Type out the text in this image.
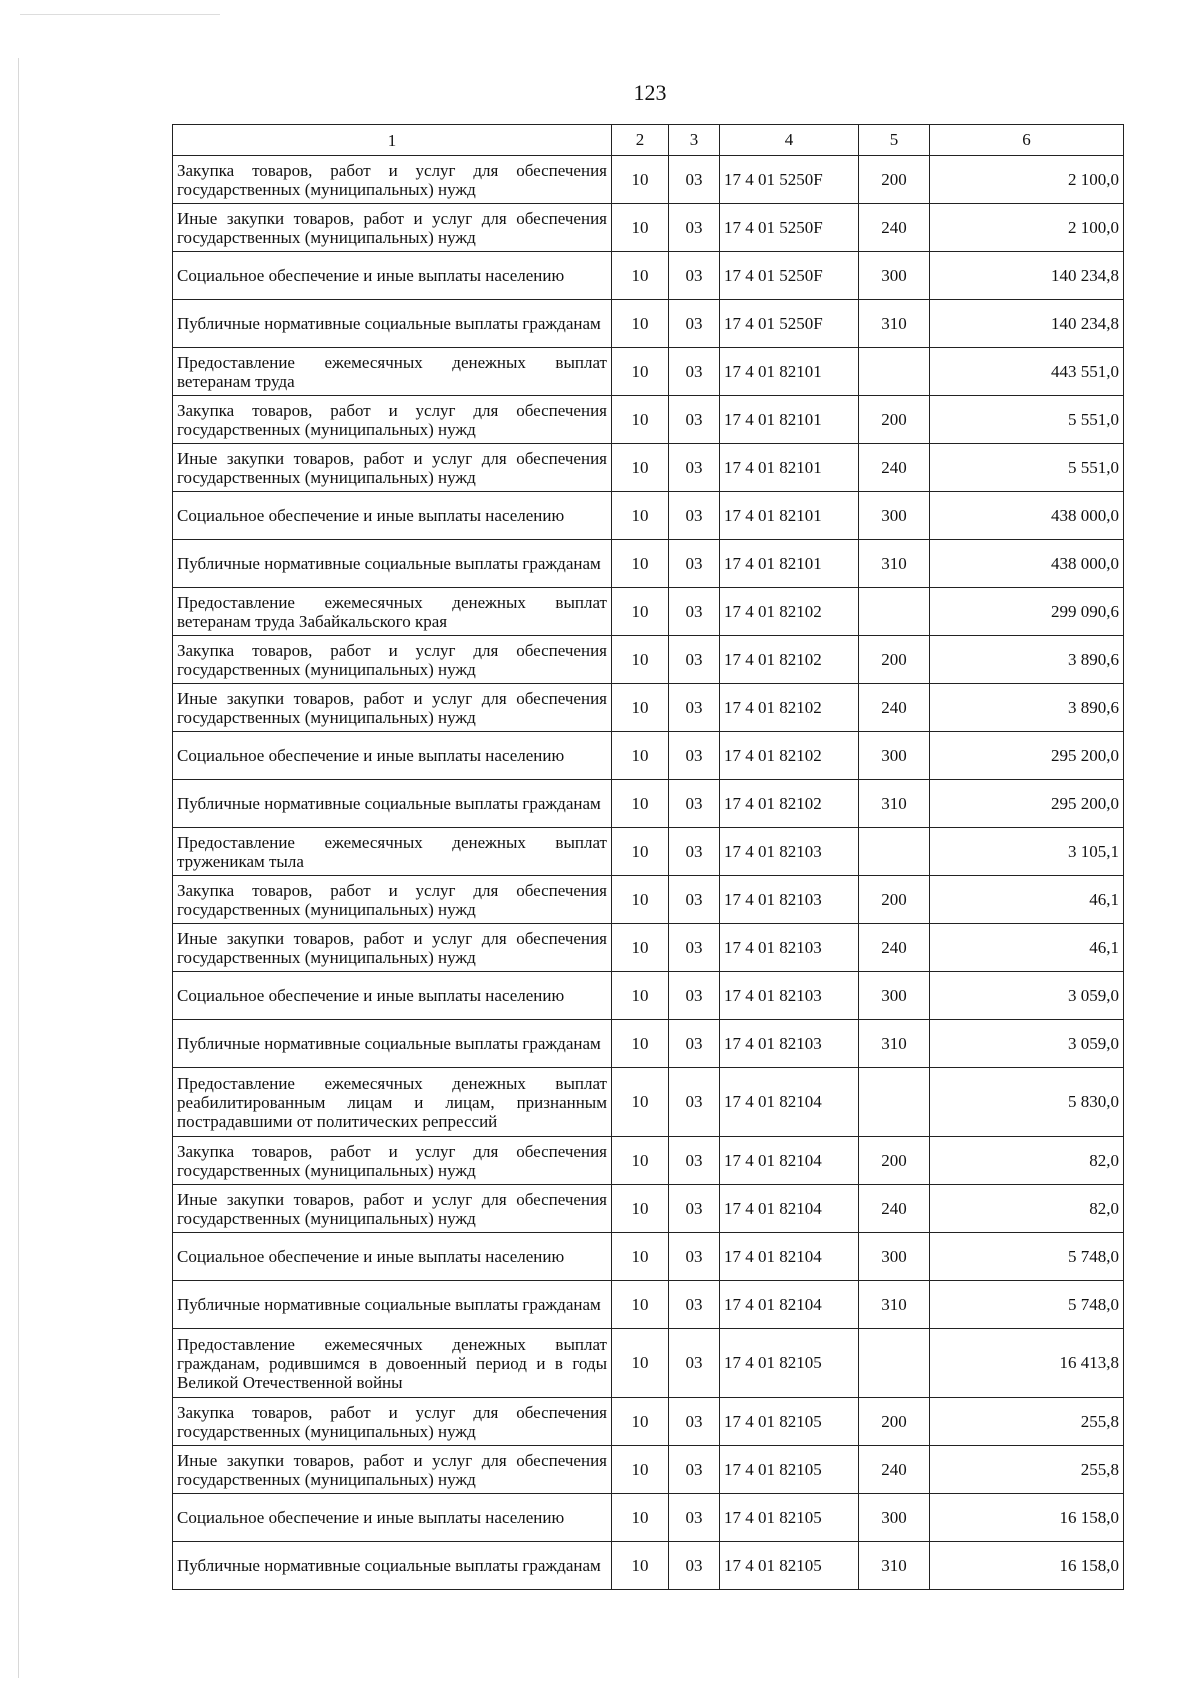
123
1	2	3	4	5	6

Закупка товаров, работ и услуг для обеспечения государственных (муниципальных) нужд	10	03	17 4 01 5250F	200	2 100,0

Иные закупки товаров, работ и услуг для обеспечения государственных (муниципальных) нужд	10	03	17 4 01 5250F	240	2 100,0

Социальное обеспечение и иные выплаты населению	10	03	17 4 01 5250F	300	140 234,8

Публичные нормативные социальные выплаты гражданам	10	03	17 4 01 5250F	310	140 234,8

Предоставление ежемесячных денежных выплат ветеранам труда	10	03	17 4 01 82101		443 551,0

Закупка товаров, работ и услуг для обеспечения государственных (муниципальных) нужд	10	03	17 4 01 82101	200	5 551,0

Иные закупки товаров, работ и услуг для обеспечения государственных (муниципальных) нужд	10	03	17 4 01 82101	240	5 551,0

Социальное обеспечение и иные выплаты населению	10	03	17 4 01 82101	300	438 000,0

Публичные нормативные социальные выплаты гражданам	10	03	17 4 01 82101	310	438 000,0

Предоставление ежемесячных денежных выплат ветеранам труда Забайкальского края	10	03	17 4 01 82102		299 090,6

Закупка товаров, работ и услуг для обеспечения государственных (муниципальных) нужд	10	03	17 4 01 82102	200	3 890,6

Иные закупки товаров, работ и услуг для обеспечения государственных (муниципальных) нужд	10	03	17 4 01 82102	240	3 890,6

Социальное обеспечение и иные выплаты населению	10	03	17 4 01 82102	300	295 200,0

Публичные нормативные социальные выплаты гражданам	10	03	17 4 01 82102	310	295 200,0

Предоставление ежемесячных денежных выплат труженикам тыла	10	03	17 4 01 82103		3 105,1

Закупка товаров, работ и услуг для обеспечения государственных (муниципальных) нужд	10	03	17 4 01 82103	200	46,1

Иные закупки товаров, работ и услуг для обеспечения государственных (муниципальных) нужд	10	03	17 4 01 82103	240	46,1

Социальное обеспечение и иные выплаты населению	10	03	17 4 01 82103	300	3 059,0

Публичные нормативные социальные выплаты гражданам	10	03	17 4 01 82103	310	3 059,0

Предоставление ежемесячных денежных выплат реабилитированным лицам и лицам, признанным пострадавшими от политических репрессий	10	03	17 4 01 82104		5 830,0

Закупка товаров, работ и услуг для обеспечения государственных (муниципальных) нужд	10	03	17 4 01 82104	200	82,0

Иные закупки товаров, работ и услуг для обеспечения государственных (муниципальных) нужд	10	03	17 4 01 82104	240	82,0

Социальное обеспечение и иные выплаты населению	10	03	17 4 01 82104	300	5 748,0

Публичные нормативные социальные выплаты гражданам	10	03	17 4 01 82104	310	5 748,0

Предоставление ежемесячных денежных выплат гражданам, родившимся в довоенный период и в годы Великой Отечественной войны	10	03	17 4 01 82105		16 413,8

Закупка товаров, работ и услуг для обеспечения государственных (муниципальных) нужд	10	03	17 4 01 82105	200	255,8

Иные закупки товаров, работ и услуг для обеспечения государственных (муниципальных) нужд	10	03	17 4 01 82105	240	255,8

Социальное обеспечение и иные выплаты населению	10	03	17 4 01 82105	300	16 158,0

Публичные нормативные социальные выплаты гражданам	10	03	17 4 01 82105	310	16 158,0
